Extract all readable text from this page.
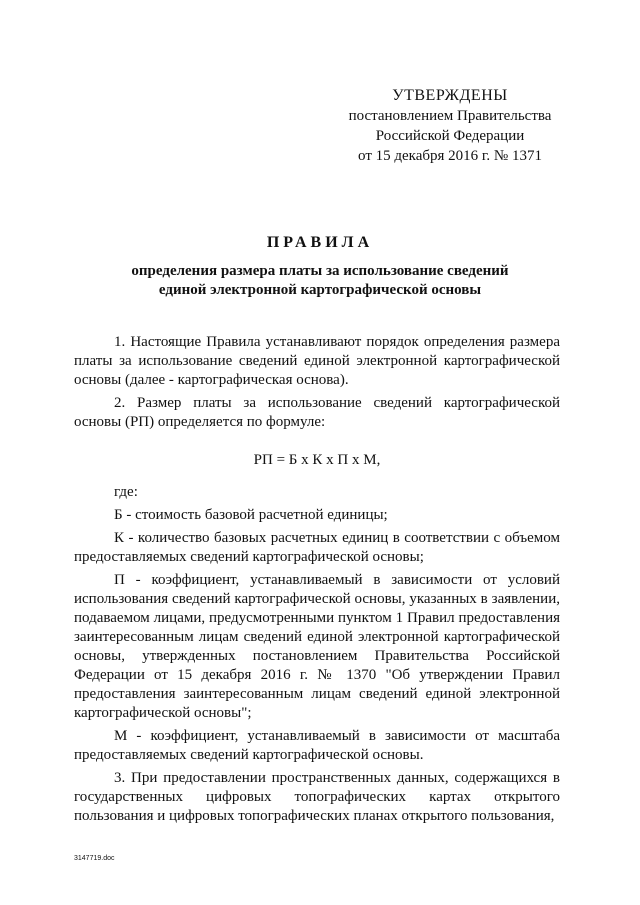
УТВЕРЖДЕНЫ
постановлением Правительства
Российской Федерации
от 15 декабря 2016 г. № 1371
ПРАВИЛА
определения размера платы за использование сведений
единой электронной картографической основы

1. Настоящие Правила устанавливают порядок определения размера платы за использование сведений единой электронной картографической основы (далее - картографическая основа).

2. Размер платы за использование сведений картографической основы (РП) определяется по формуле:

РП = Б x К x П x М,

где:

Б - стоимость базовой расчетной единицы;

К - количество базовых расчетных единиц в соответствии с объемом предоставляемых сведений картографической основы;

П - коэффициент, устанавливаемый в зависимости от условий использования сведений картографической основы, указанных в заявлении, подаваемом лицами, предусмотренными пунктом 1 Правил предоставления заинтересованным лицам сведений единой электронной картографической основы, утвержденных постановлением Правительства Российской Федерации от 15 декабря 2016 г. № 1370 "Об утверждении Правил предоставления заинтересованным лицам сведений единой электронной картографической основы";

М - коэффициент, устанавливаемый в зависимости от масштаба предоставляемых сведений картографической основы.

3. При предоставлении пространственных данных, содержащихся в государственных цифровых топографических картах открытого пользования и цифровых топографических планах открытого пользования,

3147719.doc
